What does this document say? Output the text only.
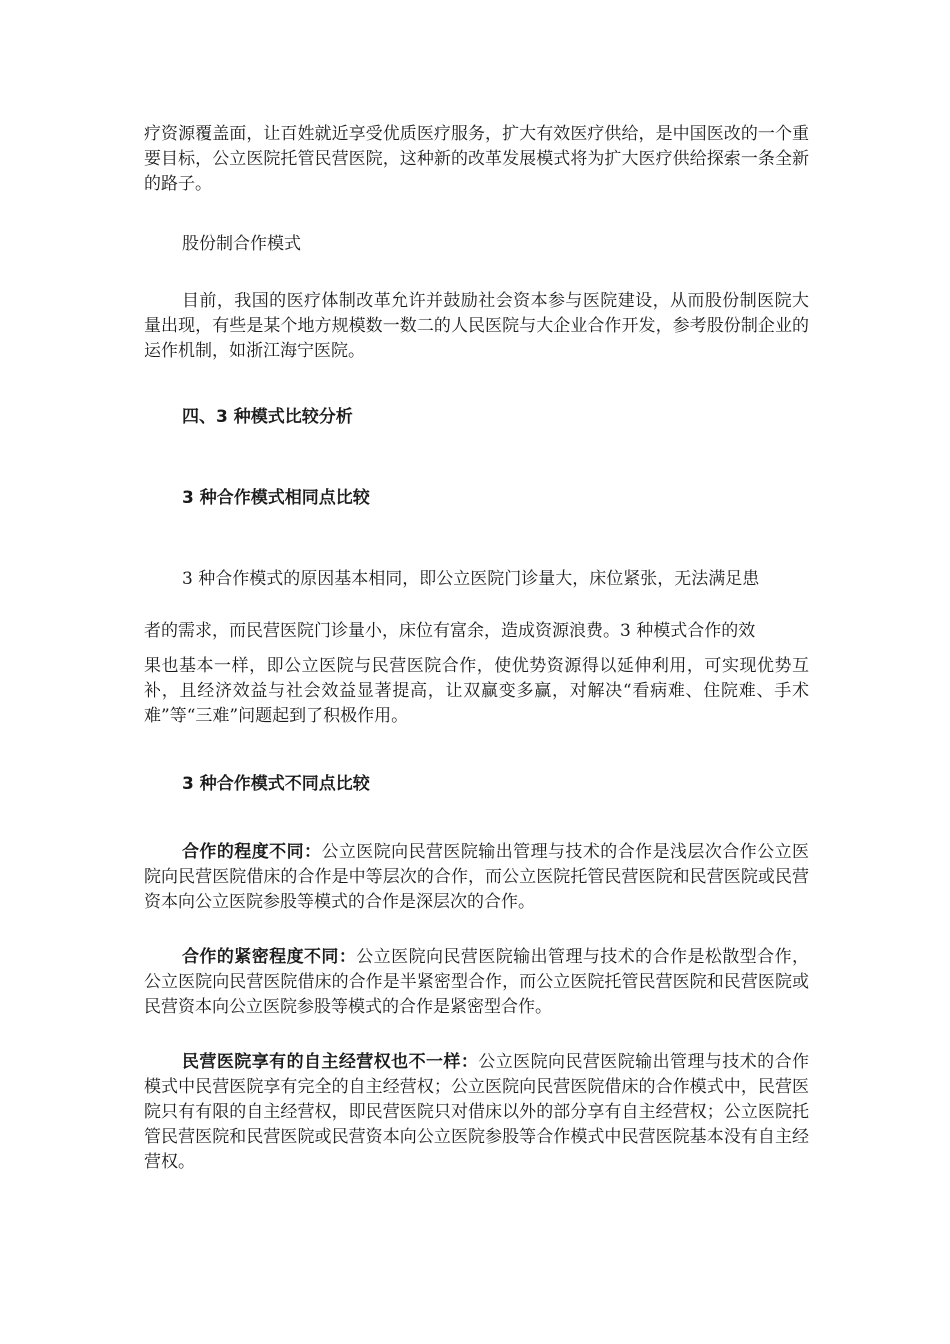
疗资源覆盖面，让百姓就近享受优质医疗服务，扩大有效医疗供给，是中国医改的一个重要目标，公立医院托管民营医院，这种新的改革发展模式将为扩大医疗供给探索一条全新的路子。

股份制合作模式

目前，我国的医疗体制改革允许并鼓励社会资本参与医院建设，从而股份制医院大量出现，有些是某个地方规模数一数二的人民医院与大企业合作开发，参考股份制企业的运作机制，如浙江海宁医院。

四、3 种模式比较分析

3 种合作模式相同点比较

3 种合作模式的原因基本相同，即公立医院门诊量大，床位紧张，无法满足患

者的需求，而民营医院门诊量小，床位有富余，造成资源浪费。3 种模式合作的效

果也基本一样，即公立医院与民营医院合作，使优势资源得以延伸利用，可实现优势互补，且经济效益与社会效益显著提高，让双赢变多赢，对解决“看病难、住院难、手术难”等“三难”问题起到了积极作用。

3 种合作模式不同点比较

合作的程度不同：公立医院向民营医院输出管理与技术的合作是浅层次合作公立医院向民营医院借床的合作是中等层次的合作，而公立医院托管民营医院和民营医院或民营资本向公立医院参股等模式的合作是深层次的合作。

合作的紧密程度不同：公立医院向民营医院输出管理与技术的合作是松散型合作，公立医院向民营医院借床的合作是半紧密型合作，而公立医院托管民营医院和民营医院或民营资本向公立医院参股等模式的合作是紧密型合作。

民营医院享有的自主经营权也不一样：公立医院向民营医院输出管理与技术的合作模式中民营医院享有完全的自主经营权；公立医院向民营医院借床的合作模式中，民营医院只有有限的自主经营权，即民营医院只对借床以外的部分享有自主经营权；公立医院托管民营医院和民营医院或民营资本向公立医院参股等合作模式中民营医院基本没有自主经营权。
